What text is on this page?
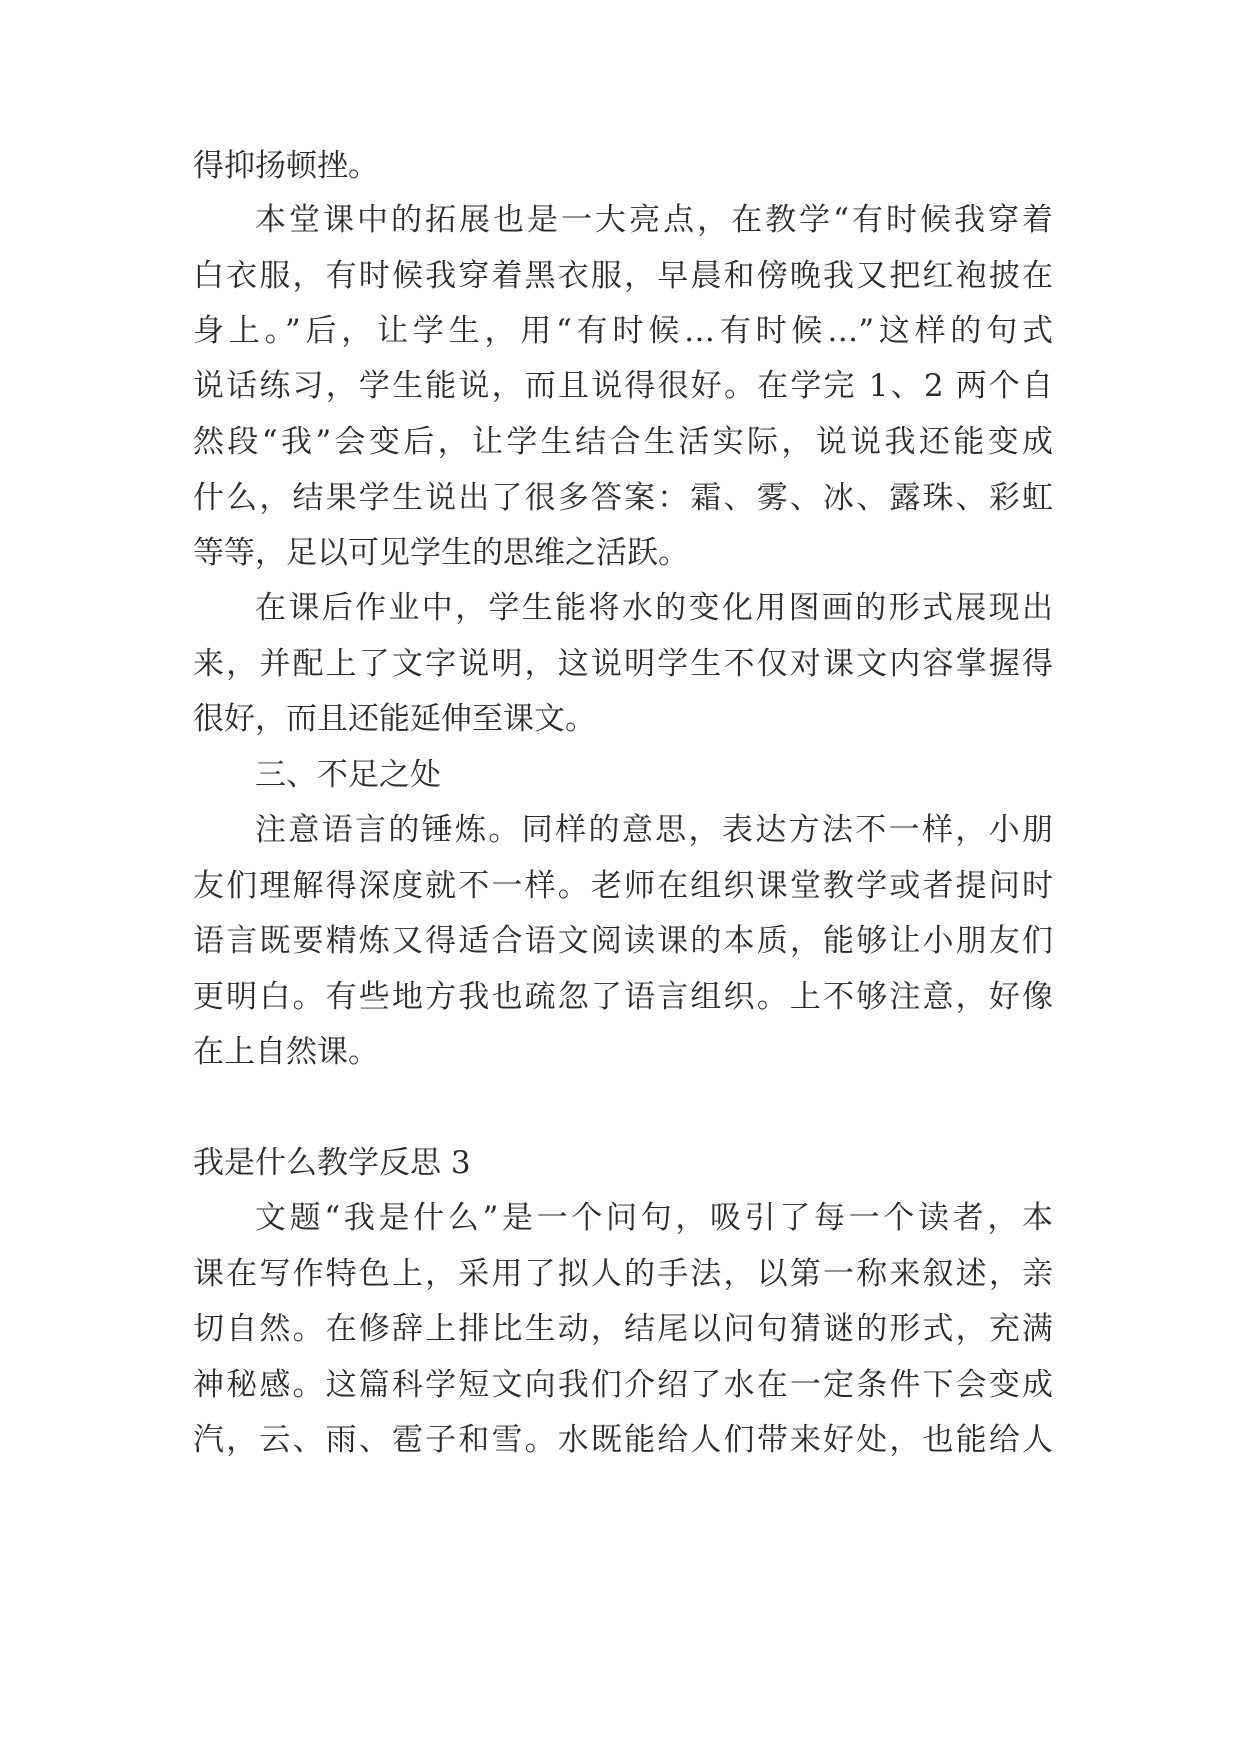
得抑扬顿挫。
本堂课中的拓展也是一大亮点，在教学“有时候我穿着
白衣服，有时候我穿着黑衣服，早晨和傍晚我又把红袍披在
身上。”后，让学生，用“有时候…有时候…”这样的句式
说话练习，学生能说，而且说得很好。在学完 1、2 两个自
然段“我”会变后，让学生结合生活实际，说说我还能变成
什么，结果学生说出了很多答案：霜、雾、冰、露珠、彩虹
等等，足以可见学生的思维之活跃。
在课后作业中，学生能将水的变化用图画的形式展现出
来，并配上了文字说明，这说明学生不仅对课文内容掌握得
很好，而且还能延伸至课文。
三、不足之处
注意语言的锤炼。同样的意思，表达方法不一样，小朋
友们理解得深度就不一样。老师在组织课堂教学或者提问时
语言既要精炼又得适合语文阅读课的本质，能够让小朋友们
更明白。有些地方我也疏忽了语言组织。上不够注意，好像
在上自然课。
我是什么教学反思 3
文题“我是什么”是一个问句，吸引了每一个读者，本
课在写作特色上，采用了拟人的手法，以第一称来叙述，亲
切自然。在修辞上排比生动，结尾以问句猜谜的形式，充满
神秘感。这篇科学短文向我们介绍了水在一定条件下会变成
汽，云、雨、雹子和雪。水既能给人们带来好处，也能给人
